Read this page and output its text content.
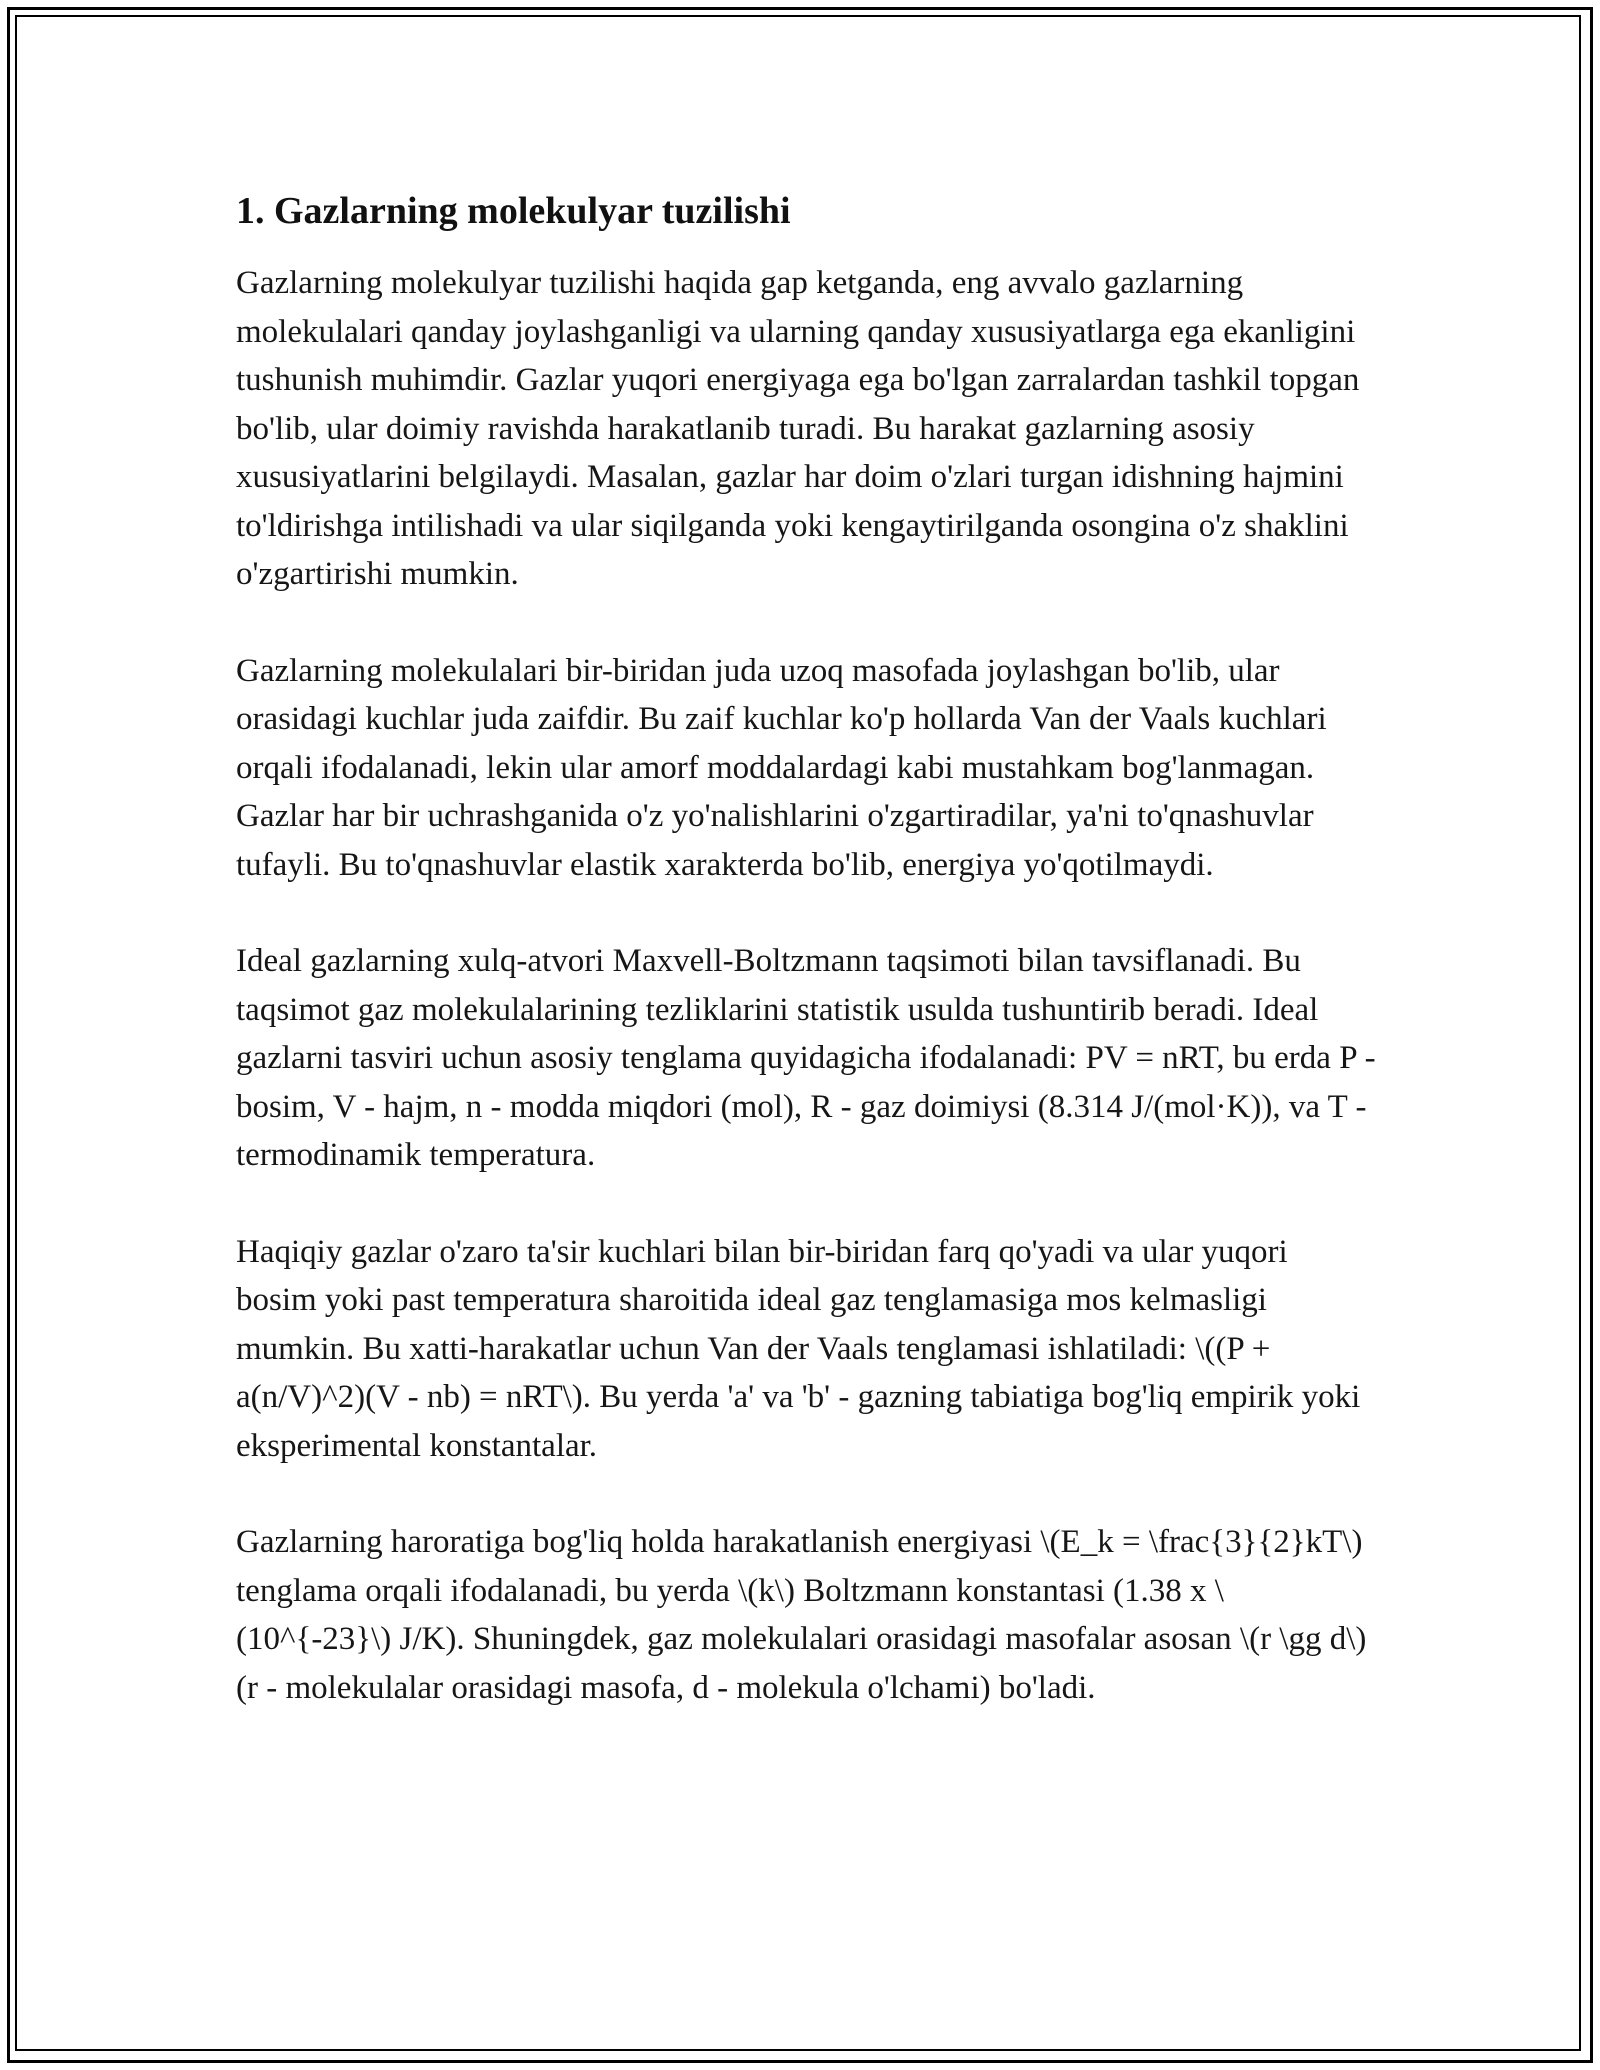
1. Gazlarning molekulyar tuzilishi

Gazlarning molekulyar tuzilishi haqida gap ketganda, eng avvalo gazlarning molekulalari qanday joylashganligi va ularning qanday xususiyatlarga ega ekanligini tushunish muhimdir. Gazlar yuqori energiyaga ega bo'lgan zarralardan tashkil topgan bo'lib, ular doimiy ravishda harakatlanib turadi. Bu harakat gazlarning asosiy xususiyatlarini belgilaydi. Masalan, gazlar har doim o'zlari turgan idishning hajmini to'ldirishga intilishadi va ular siqilganda yoki kengaytirilganda osongina o'z shaklini o'zgartirishi mumkin.

Gazlarning molekulalari bir-biridan juda uzoq masofada joylashgan bo'lib, ular orasidagi kuchlar juda zaifdir. Bu zaif kuchlar ko'p hollarda Van der Vaals kuchlari orqali ifodalanadi, lekin ular amorf moddalardagi kabi mustahkam bog'lanmagan. Gazlar har bir uchrashganida o'z yo'nalishlarini o'zgartiradilar, ya'ni to'qnashuvlar tufayli. Bu to'qnashuvlar elastik xarakterda bo'lib, energiya yo'qotilmaydi.

Ideal gazlarning xulq-atvori Maxvell-Boltzmann taqsimoti bilan tavsiflanadi. Bu taqsimot gaz molekulalarining tezliklarini statistik usulda tushuntirib beradi. Ideal gazlarni tasviri uchun asosiy tenglama quyidagicha ifodalanadi: PV = nRT, bu erda P - bosim, V - hajm, n - modda miqdori (mol), R - gaz doimiysi (8.314 J/(mol·K)), va T - termodinamik temperatura.

Haqiqiy gazlar o'zaro ta'sir kuchlari bilan bir-biridan farq qo'yadi va ular yuqori bosim yoki past temperatura sharoitida ideal gaz tenglamasiga mos kelmasligi mumkin. Bu xatti-harakatlar uchun Van der Vaals tenglamasi ishlatiladi: \((P + a(n/V)^2)(V - nb) = nRT\). Bu yerda 'a' va 'b' - gazning tabiatiga bog'liq empirik yoki eksperimental konstantalar.

Gazlarning haroratiga bog'liq holda harakatlanish energiyasi \(E_k = \frac{3}{2}kT\) tenglama orqali ifodalanadi, bu yerda \(k\) Boltzmann konstantasi (1.38 x \(10^{-23}\) J/K). Shuningdek, gaz molekulalari orasidagi masofalar asosan \(r \gg d\) (r - molekulalar orasidagi masofa, d - molekula o'lchami) bo'ladi.
